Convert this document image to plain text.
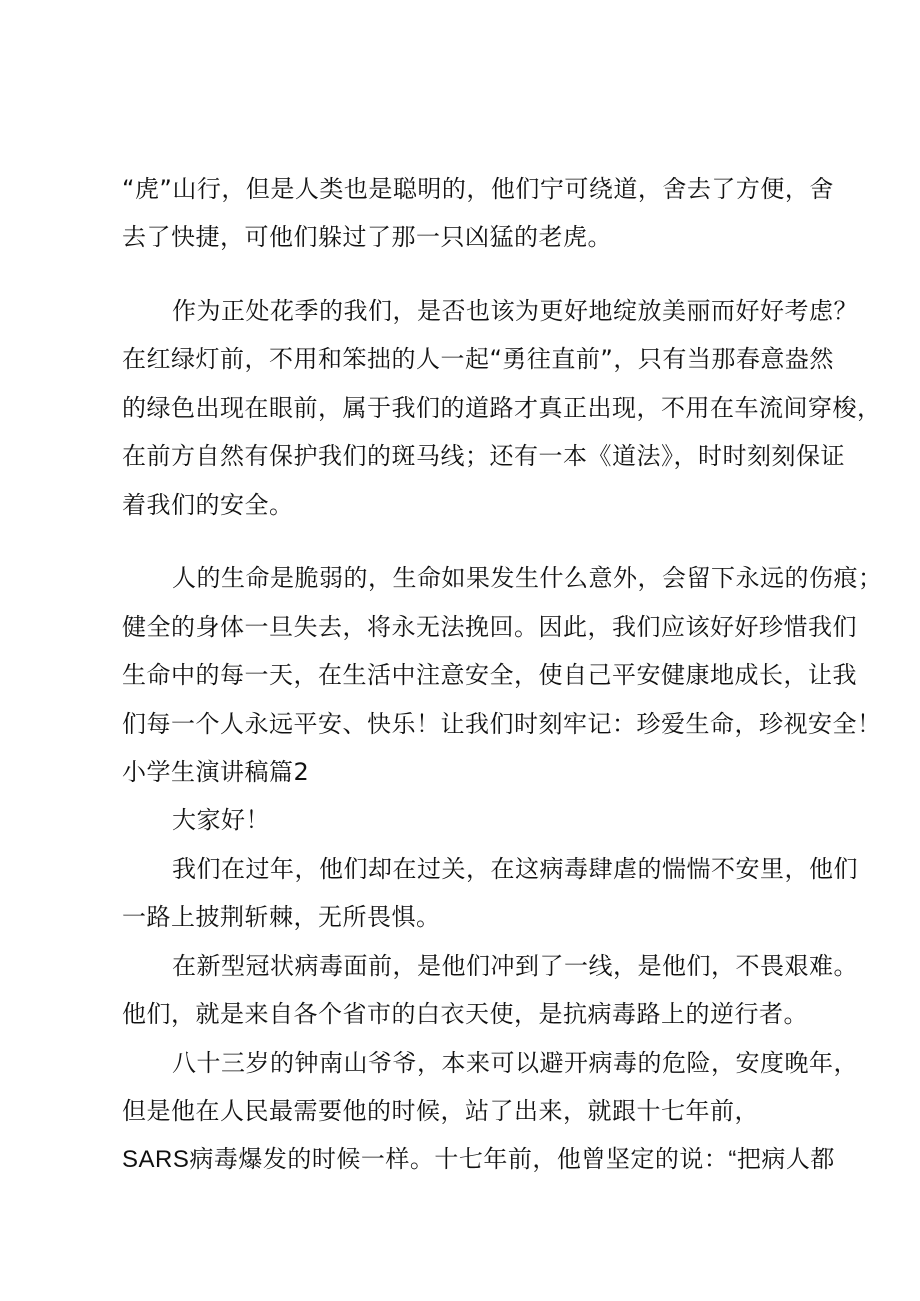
“虎”山行，但是人类也是聪明的，他们宁可绕道，舍去了方便，舍
去了快捷，可他们躲过了那一只凶猛的老虎。
作为正处花季的我们，是否也该为更好地绽放美丽而好好考虑？
在红绿灯前，不用和笨拙的人一起“勇往直前”，只有当那春意盎然
的绿色出现在眼前，属于我们的道路才真正出现，不用在车流间穿梭，
在前方自然有保护我们的斑马线；还有一本《道法》，时时刻刻保证
着我们的安全。
人的生命是脆弱的，生命如果发生什么意外，会留下永远的伤痕；
健全的身体一旦失去，将永无法挽回。因此，我们应该好好珍惜我们
生命中的每一天，在生活中注意安全，使自己平安健康地成长，让我
们每一个人永远平安、快乐！让我们时刻牢记：珍爱生命，珍视安全！
小学生演讲稿篇2
大家好！
我们在过年，他们却在过关，在这病毒肆虐的惴惴不安里，他们
一路上披荆斩棘，无所畏惧。
在新型冠状病毒面前，是他们冲到了一线，是他们，不畏艰难。
他们，就是来自各个省市的白衣天使，是抗病毒路上的逆行者。
八十三岁的钟南山爷爷，本来可以避开病毒的危险，安度晚年，
但是他在人民最需要他的时候，站了出来，就跟十七年前，
SARS病毒爆发的时候一样。十七年前，他曾坚定的说：“把病人都
